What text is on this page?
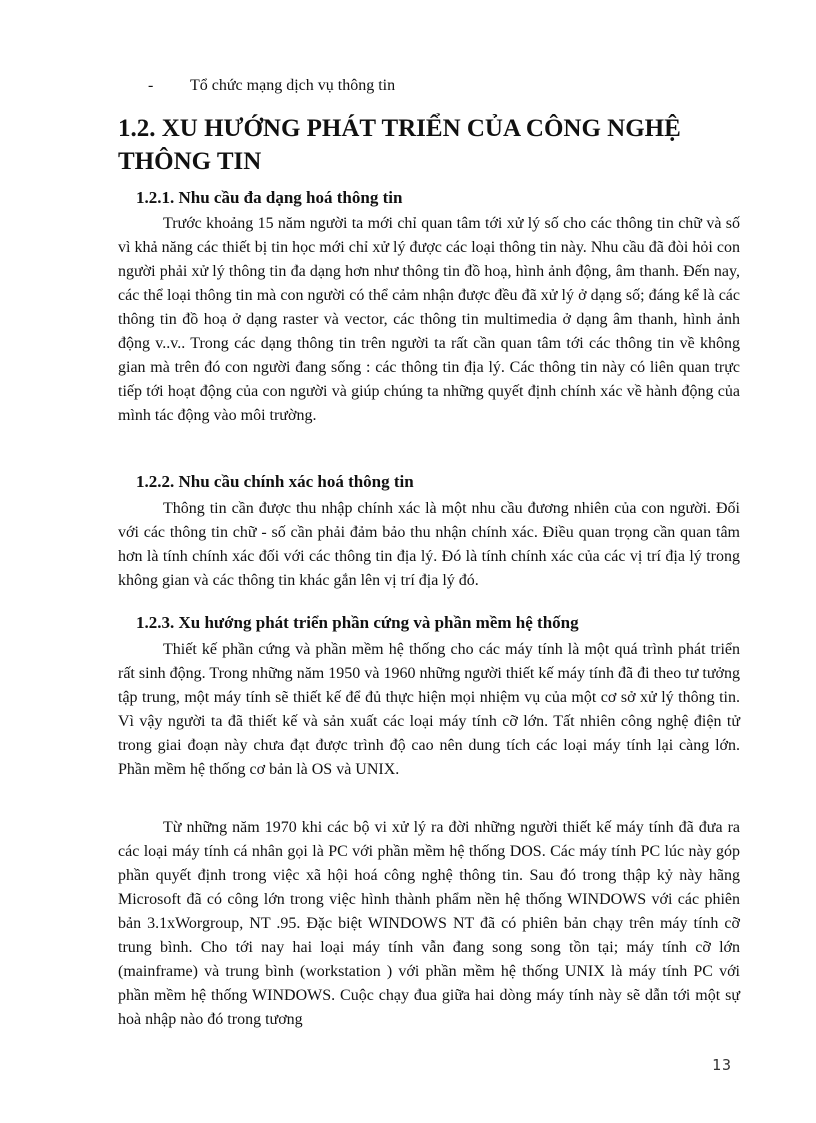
- Tổ chức mạng dịch vụ thông tin
1.2. XU HƯỚNG PHÁT TRIỂN CỦA CÔNG NGHỆ THÔNG TIN
1.2.1. Nhu cầu đa dạng hoá thông tin

Trước khoảng 15 năm người ta mới chỉ quan tâm tới xử lý số cho các thông tin chữ và số vì khả năng các thiết bị tin học mới chỉ xử lý được các loại thông tin này. Nhu cầu đã đòi hỏi con người phải xử lý thông tin đa dạng hơn như thông tin đồ hoạ, hình ảnh động, âm thanh. Đến nay, các thể loại thông tin mà con người có thể cảm nhận được đều đã xử lý ở dạng số; đáng kể là các thông tin đồ hoạ ở dạng raster và vector, các thông tin multimedia ở dạng âm thanh, hình ảnh động v..v.. Trong các dạng thông tin trên người ta rất cần quan tâm tới các thông tin về không gian mà trên đó con người đang sống : các thông tin địa lý. Các thông tin này có liên quan trực tiếp tới hoạt động của con người và giúp chúng ta những quyết định chính xác về hành động của mình tác động vào môi trường.

1.2.2. Nhu cầu chính xác hoá thông tin

Thông tin cần được thu nhập chính xác là một nhu cầu đương nhiên của con người. Đối với các thông tin chữ - số cần phải đảm bảo thu nhận chính xác. Điều quan trọng cần quan tâm hơn là tính chính xác đối với các thông tin địa lý. Đó là tính chính xác của các vị trí địa lý trong không gian và các thông tin khác gắn lên vị trí địa lý đó.

1.2.3. Xu hướng phát triển phần cứng và phần mềm hệ thống

Thiết kế phần cứng và phần mềm hệ thống cho các máy tính là một quá trình phát triển rất sinh động. Trong những năm 1950 và 1960 những người thiết kế máy tính đã đi theo tư tưởng tập trung, một máy tính sẽ thiết kế để đủ thực hiện mọi nhiệm vụ của một cơ sở xử lý thông tin. Vì vậy người ta đã thiết kế và sản xuất các loại máy tính cỡ lớn. Tất nhiên công nghệ điện tử trong giai đoạn này chưa đạt được trình độ cao nên dung tích các loại máy tính lại càng lớn. Phần mềm hệ thống cơ bản là OS và UNIX.

Từ những năm 1970 khi các bộ vi xử lý ra đời những người thiết kế máy tính đã đưa ra các loại máy tính cá nhân gọi là PC với phần mềm hệ thống DOS. Các máy tính PC lúc này góp phần quyết định trong việc xã hội hoá công nghệ thông tin. Sau đó trong thập kỷ này hãng Microsoft đã có công lớn trong việc hình thành phẩm nền hệ thống WINDOWS với các phiên bản 3.1xWorgroup, NT .95. Đặc biệt WINDOWS NT đã có phiên bản chạy trên máy tính cỡ trung bình. Cho tới nay hai loại máy tính vẫn đang song song tồn tại; máy tính cỡ lớn (mainframe) và trung bình (workstation ) với phần mềm hệ thống UNIX là máy tính PC với phần mềm hệ thống WINDOWS. Cuộc chạy đua giữa hai dòng máy tính này sẽ dẫn tới một sự hoà nhập nào đó trong tương

13
